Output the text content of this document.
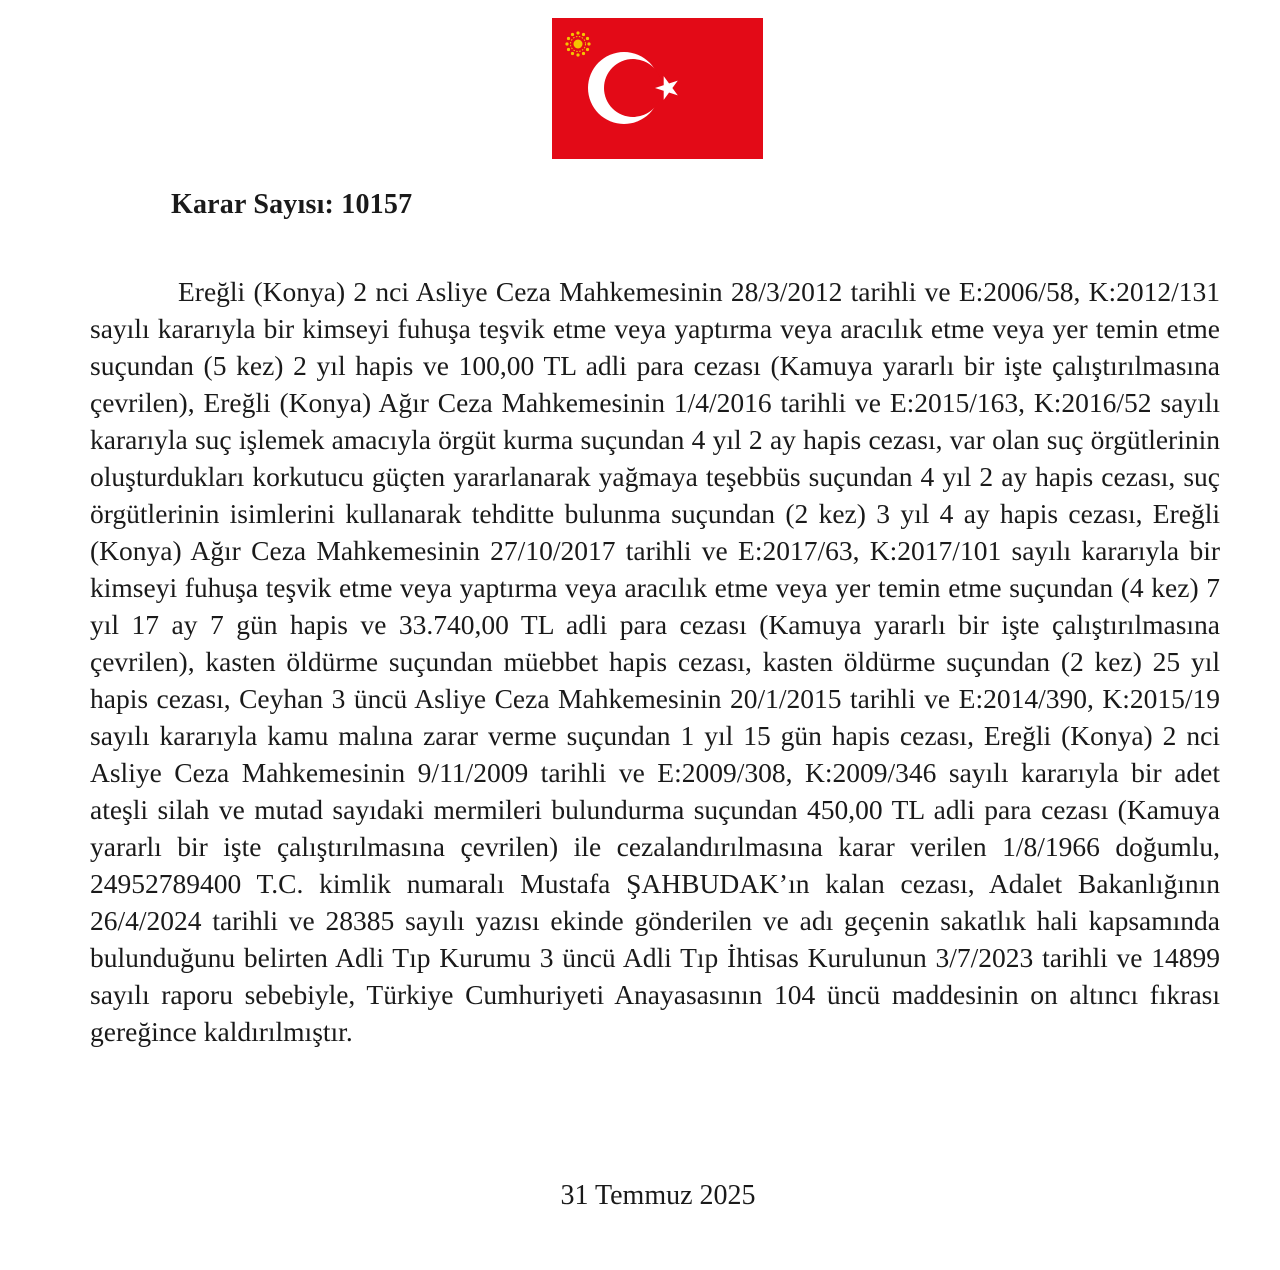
Karar Sayısı: 10157

Ereğli (Konya) 2 nci Asliye Ceza Mahkemesinin 28/3/2012 tarihli ve E:2006/58, K:2012/131 sayılı kararıyla bir kimseyi fuhuşa teşvik etme veya yaptırma veya aracılık etme veya yer temin etme suçundan (5 kez) 2 yıl hapis ve 100,00 TL adli para cezası (Kamuya yararlı bir işte çalıştırılmasına çevrilen), Ereğli (Konya) Ağır Ceza Mahkemesinin 1/4/2016 tarihli ve E:2015/163, K:2016/52 sayılı kararıyla suç işlemek amacıyla örgüt kurma suçundan 4 yıl 2 ay hapis cezası, var olan suç örgütlerinin oluşturdukları korkutucu güçten yararlanarak yağmaya teşebbüs suçundan 4 yıl 2 ay hapis cezası, suç örgütlerinin isimlerini kullanarak tehditte bulunma suçundan (2 kez) 3 yıl 4 ay hapis cezası, Ereğli (Konya) Ağır Ceza Mahkemesinin 27/10/2017 tarihli ve E:2017/63, K:2017/101 sayılı kararıyla bir kimseyi fuhuşa teşvik etme veya yaptırma veya aracılık etme veya yer temin etme suçundan (4 kez) 7 yıl 17 ay 7 gün hapis ve 33.740,00 TL adli para cezası (Kamuya yararlı bir işte çalıştırılmasına çevrilen), kasten öldürme suçundan müebbet hapis cezası, kasten öldürme suçundan (2 kez) 25 yıl hapis cezası, Ceyhan 3 üncü Asliye Ceza Mahkemesinin 20/1/2015 tarihli ve E:2014/390, K:2015/19 sayılı kararıyla kamu malına zarar verme suçundan 1 yıl 15 gün hapis cezası, Ereğli (Konya) 2 nci Asliye Ceza Mahkemesinin 9/11/2009 tarihli ve E:2009/308, K:2009/346 sayılı kararıyla bir adet ateşli silah ve mutad sayıdaki mermileri bulundurma suçundan 450,00 TL adli para cezası (Kamuya yararlı bir işte çalıştırılmasına çevrilen) ile cezalandırılmasına karar verilen 1/8/1966 doğumlu, 24952789400 T.C. kimlik numaralı Mustafa ŞAHBUDAK’ın kalan cezası, Adalet Bakanlığının 26/4/2024 tarihli ve 28385 sayılı yazısı ekinde gönderilen ve adı geçenin sakatlık hali kapsamında bulunduğunu belirten Adli Tıp Kurumu 3 üncü Adli Tıp İhtisas Kurulunun 3/7/2023 tarihli ve 14899 sayılı raporu sebebiyle, Türkiye Cumhuriyeti Anayasasının 104 üncü maddesinin on altıncı fıkrası gereğince kaldırılmıştır.

31 Temmuz 2025
